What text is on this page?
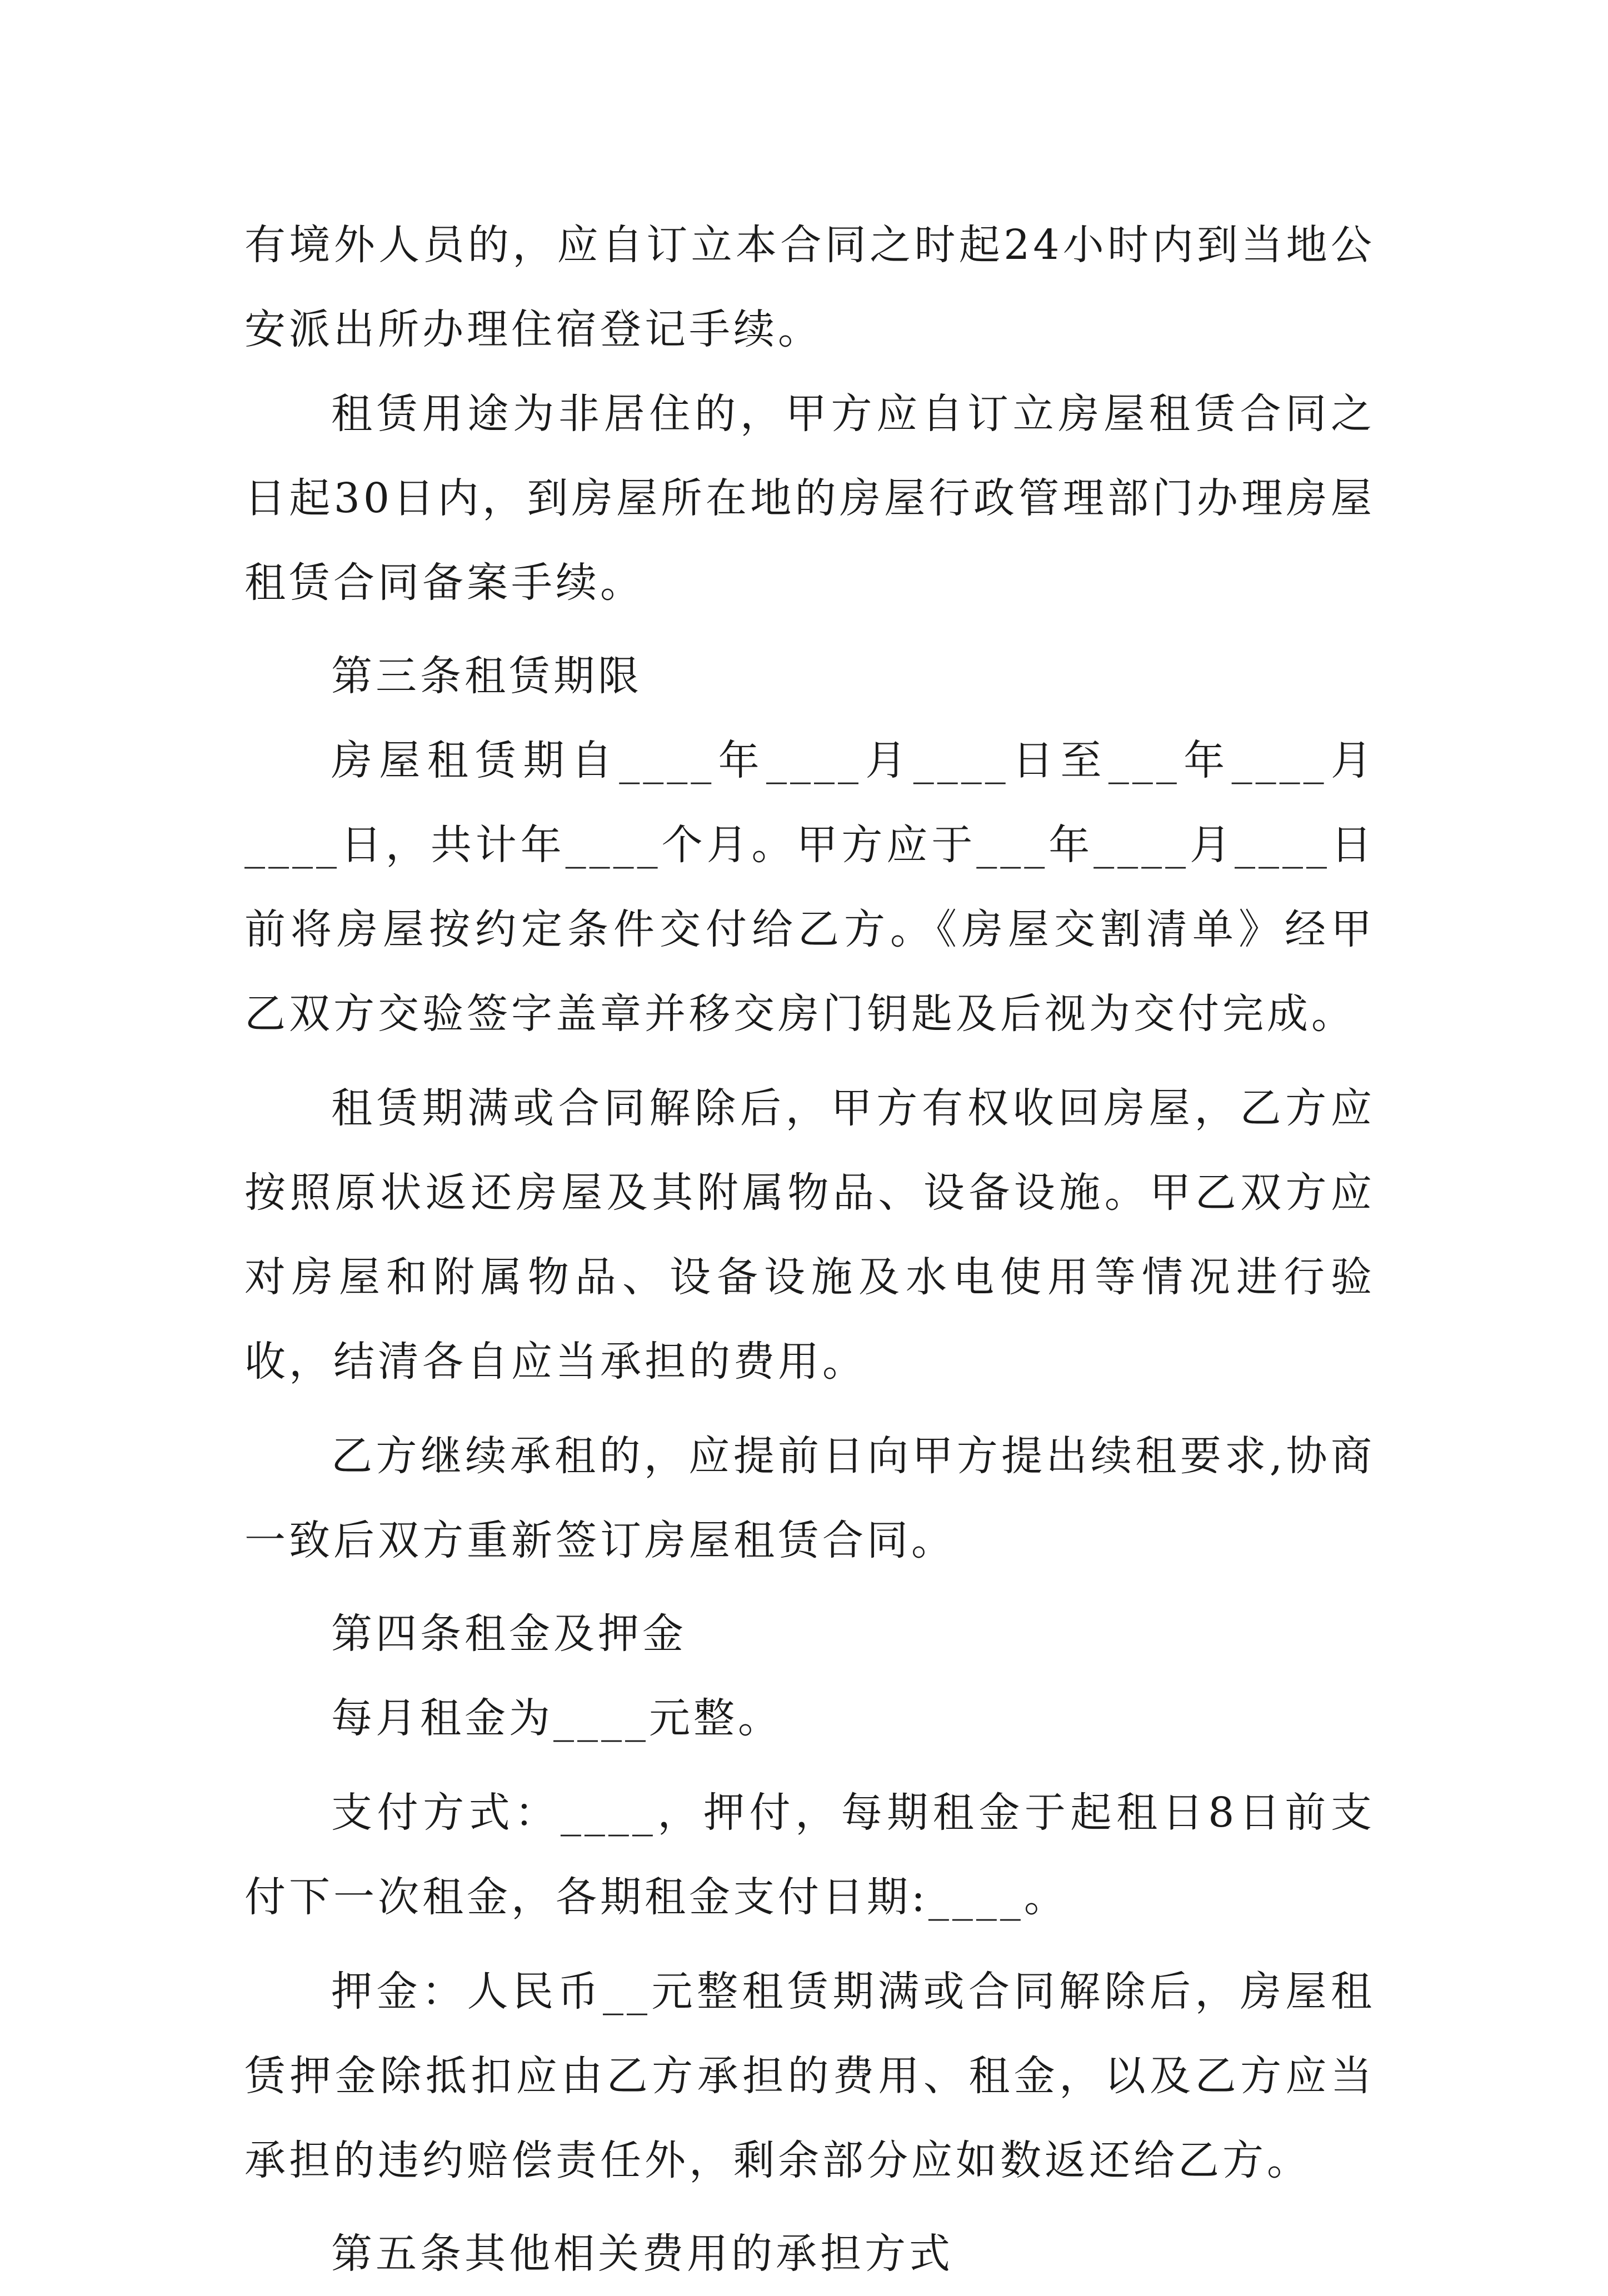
有境外人员的，应自订立本合同之时起24小时内到当地公安派出所办理住宿登记手续。

租赁用途为非居住的，甲方应自订立房屋租赁合同之日起30日内，到房屋所在地的房屋行政管理部门办理房屋租赁合同备案手续。

第三条租赁期限

房屋租赁期自____年____月____日至___年____月____日，共计年____个月。甲方应于___年____月____日前将房屋按约定条件交付给乙方。《房屋交割清单》经甲乙双方交验签字盖章并移交房门钥匙及后视为交付完成。

租赁期满或合同解除后，甲方有权收回房屋，乙方应按照原状返还房屋及其附属物品、设备设施。甲乙双方应对房屋和附属物品、设备设施及水电使用等情况进行验收，结清各自应当承担的费用。

乙方继续承租的，应提前日向甲方提出续租要求,协商一致后双方重新签订房屋租赁合同。

第四条租金及押金

每月租金为____元整。

支付方式：____，押付，每期租金于起租日8日前支付下一次租金，各期租金支付日期:____。

押金：人民币__元整租赁期满或合同解除后，房屋租赁押金除抵扣应由乙方承担的费用、租金，以及乙方应当承担的违约赔偿责任外，剩余部分应如数返还给乙方。

第五条其他相关费用的承担方式
